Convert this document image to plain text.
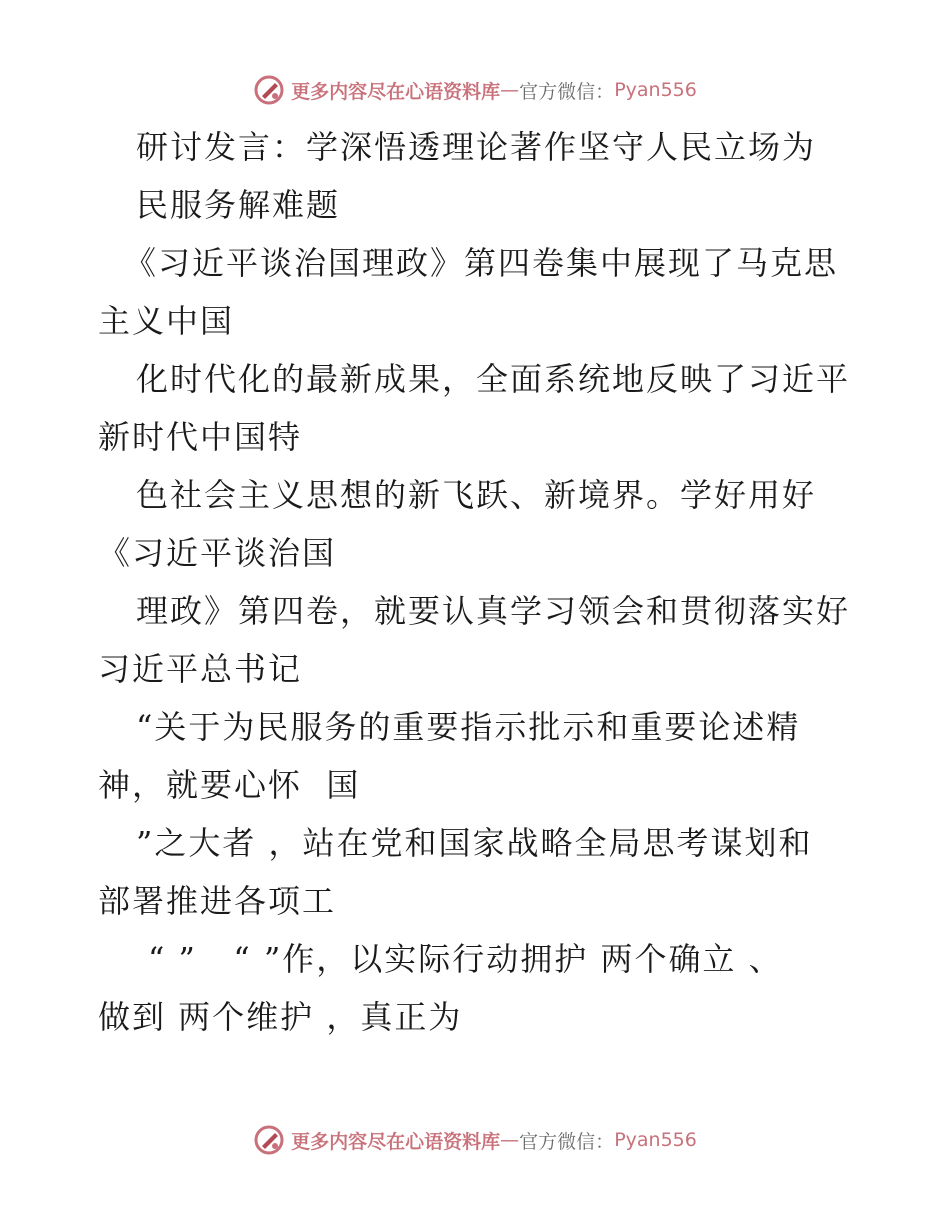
更多内容尽在心语资料库 — 官方微信： Pyan556
研讨发言：学深悟透理论著作坚守人民立场为
民服务解难题
《习近平谈治国理政》第四卷集中展现了马克思
主义中国
化时代化的最新成果，全面系统地反映了习近平
新时代中国特
色社会主义思想的新飞跃、新境界。学好用好
《习近平谈治国
理政》第四卷，就要认真学习领会和贯彻落实好
习近平总书记
“关于为民服务的重要指示批示和重要论述精
神，就要心怀  国
”之大者 ，站在党和国家战略全局思考谋划和
部署推进各项工
“ ”   “ ”作，以实际行动拥护 两个确立 、
做到 两个维护 ，真正为
更多内容尽在心语资料库 — 官方微信： Pyan556
